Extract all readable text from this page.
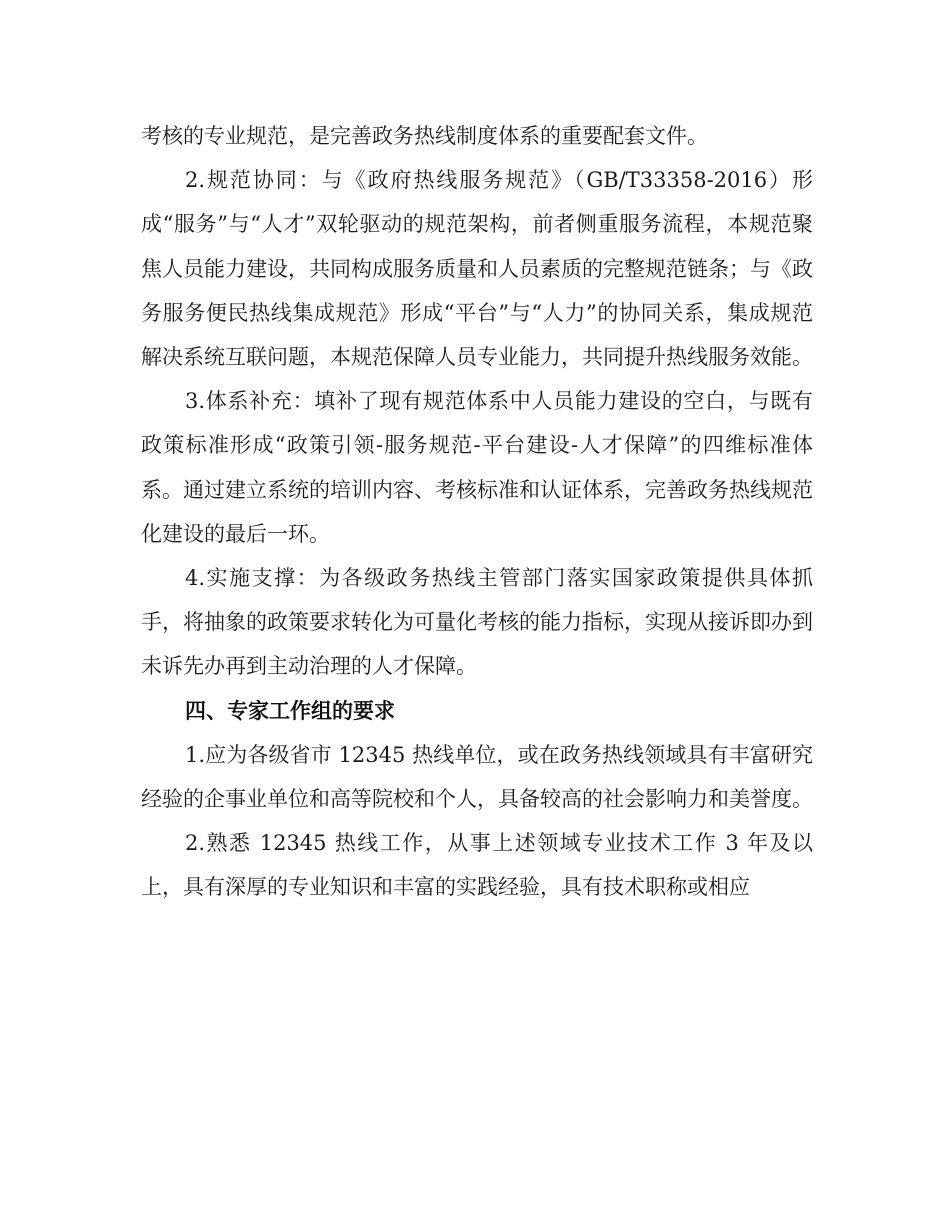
考核的专业规范，是完善政务热线制度体系的重要配套文件。

2.规范协同：与《政府热线服务规范》（GB/T33358-2016）形成“服务”与“人才”双轮驱动的规范架构，前者侧重服务流程，本规范聚焦人员能力建设，共同构成服务质量和人员素质的完整规范链条；与《政务服务便民热线集成规范》形成“平台”与“人力”的协同关系，集成规范解决系统互联问题，本规范保障人员专业能力，共同提升热线服务效能。

3.体系补充：填补了现有规范体系中人员能力建设的空白，与既有政策标准形成“政策引领-服务规范-平台建设-人才保障”的四维标准体系。通过建立系统的培训内容、考核标准和认证体系，完善政务热线规范化建设的最后一环。

4.实施支撑：为各级政务热线主管部门落实国家政策提供具体抓手，将抽象的政策要求转化为可量化考核的能力指标，实现从接诉即办到未诉先办再到主动治理的人才保障。

四、专家工作组的要求

1.应为各级省市 12345 热线单位，或在政务热线领域具有丰富研究经验的企事业单位和高等院校和个人，具备较高的社会影响力和美誉度。

2.熟悉 12345 热线工作，从事上述领域专业技术工作 3 年及以上，具有深厚的专业知识和丰富的实践经验，具有技术职称或相应
